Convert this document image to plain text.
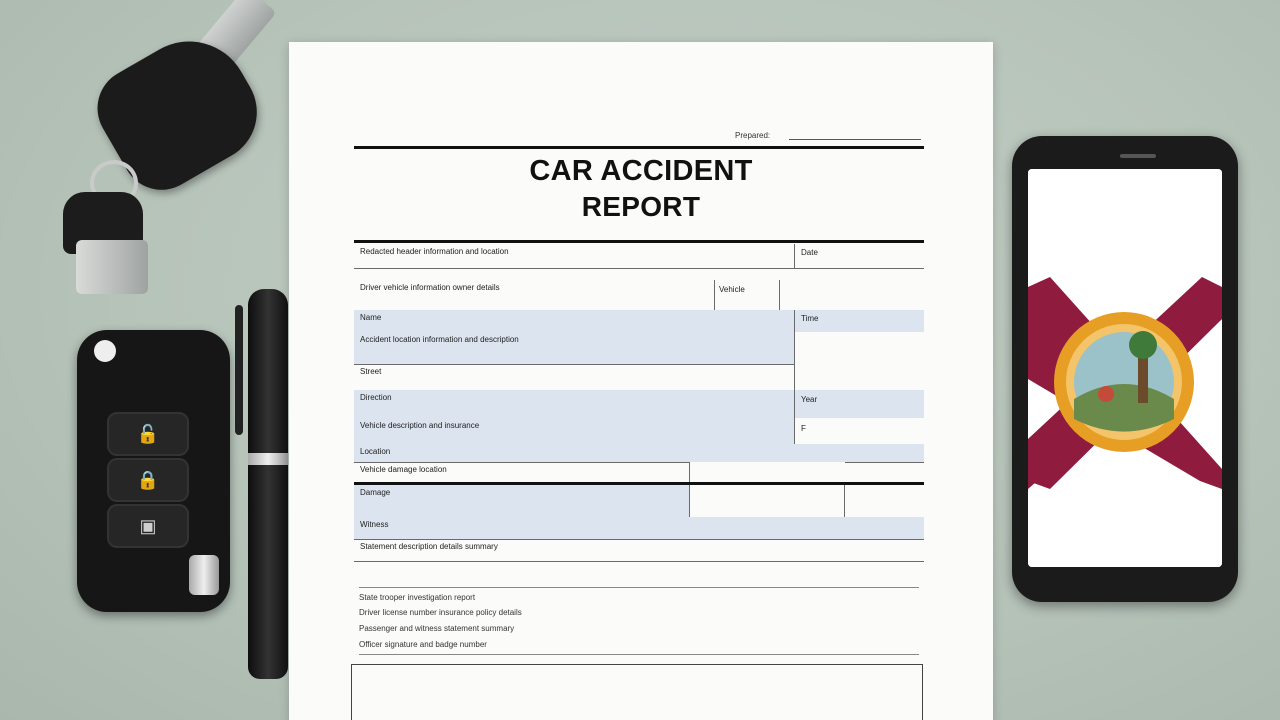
🔓
🔒
▣
Prepared:
CAR ACCIDENT
REPORT
Redacted header information and location	Date
Driver vehicle information owner details	Vehicle
Name	Time
Accident location information and description
Street
Direction	Year
Vehicle description and insurance	F
Location
Vehicle damage location
Damage
Witness
Statement description details summary
State trooper investigation report
Driver license number insurance policy details
Passenger and witness statement summary
Officer signature and badge number
